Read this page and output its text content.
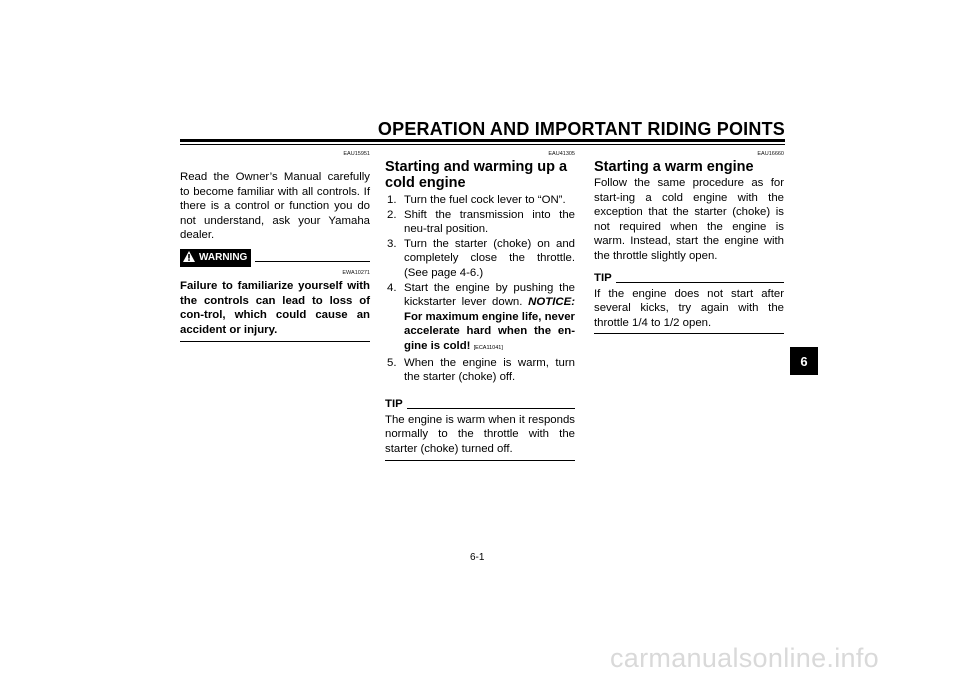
OPERATION AND IMPORTANT RIDING POINTS
EAU15951

Read the Owner’s Manual carefully to become familiar with all controls. If there is a control or function you do not understand, ask your Yamaha dealer.

WARNING
EWA10271

Failure to familiarize yourself with the controls can lead to loss of con-trol, which could cause an accident or injury.

EAU41305
Starting and warming up a cold engine
1. Turn the fuel cock lever to “ON”.
2. Shift the transmission into the neu-tral position.
3. Turn the starter (choke) on and completely close the throttle. (See page 4-6.)
4. Start the engine by pushing the kickstarter lever down. NOTICE: For maximum engine life, never accelerate hard when the en-gine is cold! [ECA11041]
5. When the engine is warm, turn the starter (choke) off.
TIP

The engine is warm when it responds normally to the throttle with the starter (choke) turned off.

EAU16660
Starting a warm engine

Follow the same procedure as for start-ing a cold engine with the exception that the starter (choke) is not required when the engine is warm. Instead, start the engine with the throttle slightly open.

TIP

If the engine does not start after several kicks, try again with the throttle 1/4 to 1/2 open.

6
6-1
carmanualsonline.info
